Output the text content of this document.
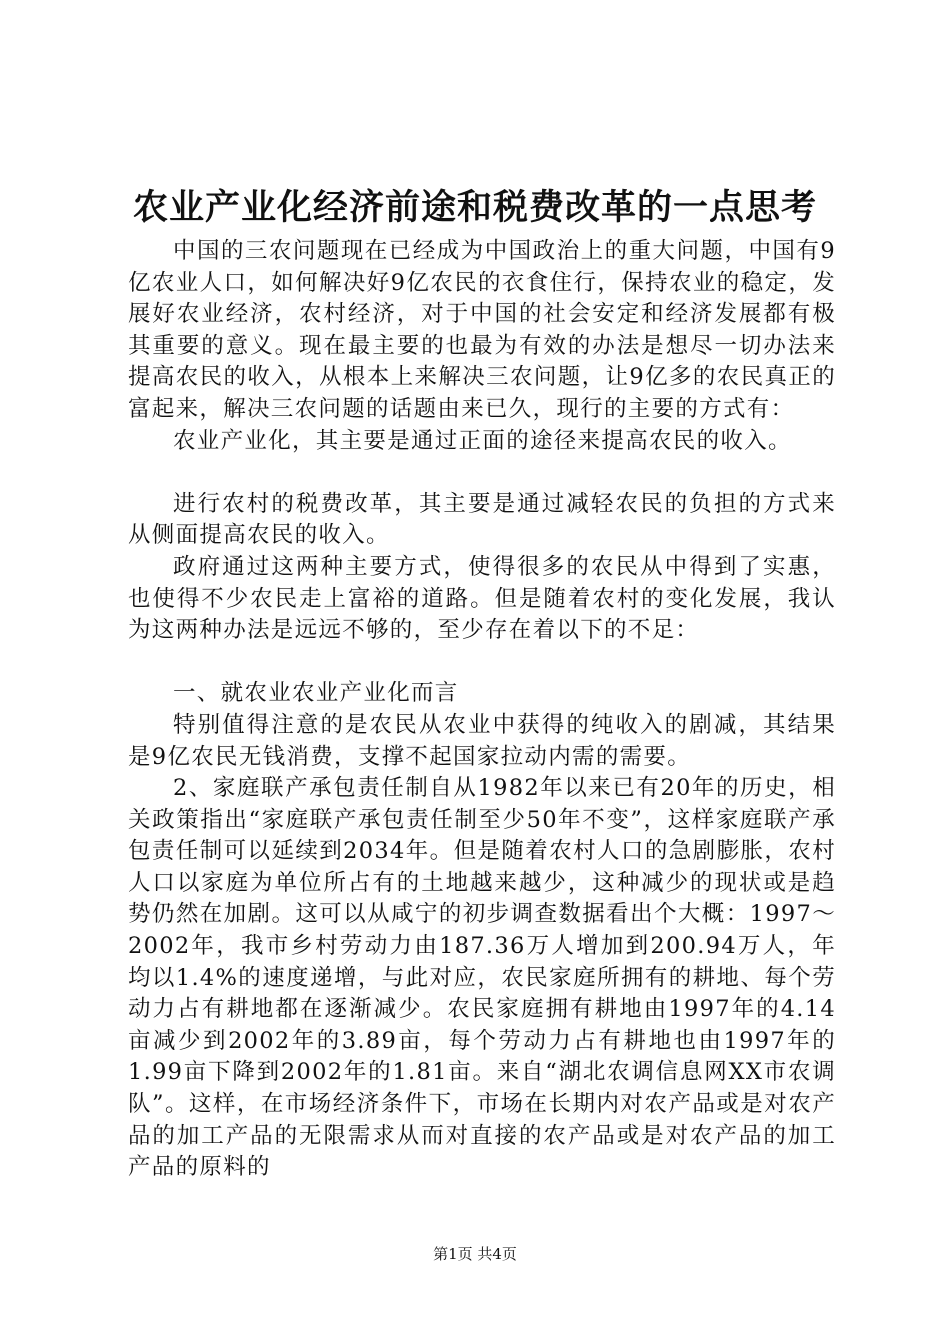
农业产业化经济前途和税费改革的一点思考

中国的三农问题现在已经成为中国政治上的重大问题，中国有9亿农业人口，如何解决好9亿农民的衣食住行，保持农业的稳定，发展好农业经济，农村经济，对于中国的社会安定和经济发展都有极其重要的意义。现在最主要的也最为有效的办法是想尽一切办法来提高农民的收入，从根本上来解决三农问题，让9亿多的农民真正的富起来，解决三农问题的话题由来已久，现行的主要的方式有：

农业产业化，其主要是通过正面的途径来提高农民的收入。

进行农村的税费改革，其主要是通过减轻农民的负担的方式来从侧面提高农民的收入。

政府通过这两种主要方式，使得很多的农民从中得到了实惠，也使得不少农民走上富裕的道路。但是随着农村的变化发展，我认为这两种办法是远远不够的，至少存在着以下的不足：

一、就农业农业产业化而言

特别值得注意的是农民从农业中获得的纯收入的剧减，其结果是9亿农民无钱消费，支撑不起国家拉动内需的需要。

2、家庭联产承包责任制自从1982年以来已有20年的历史，相关政策指出“家庭联产承包责任制至少50年不变”，这样家庭联产承包责任制可以延续到2034年。但是随着农村人口的急剧膨胀，农村人口以家庭为单位所占有的土地越来越少，这种减少的现状或是趋势仍然在加剧。这可以从咸宁的初步调查数据看出个大概：1997～2002年，我市乡村劳动力由187.36万人增加到200.94万人，年均以1.4%的速度递增，与此对应，农民家庭所拥有的耕地、每个劳动力占有耕地都在逐渐减少。农民家庭拥有耕地由1997年的4.14亩减少到2002年的3.89亩，每个劳动力占有耕地也由1997年的1.99亩下降到2002年的1.81亩。来自“湖北农调信息网XX市农调队”。这样，在市场经济条件下，市场在长期内对农产品或是对农产品的加工产品的无限需求从而对直接的农产品或是对农产品的加工产品的原料的

第1页 共4页
